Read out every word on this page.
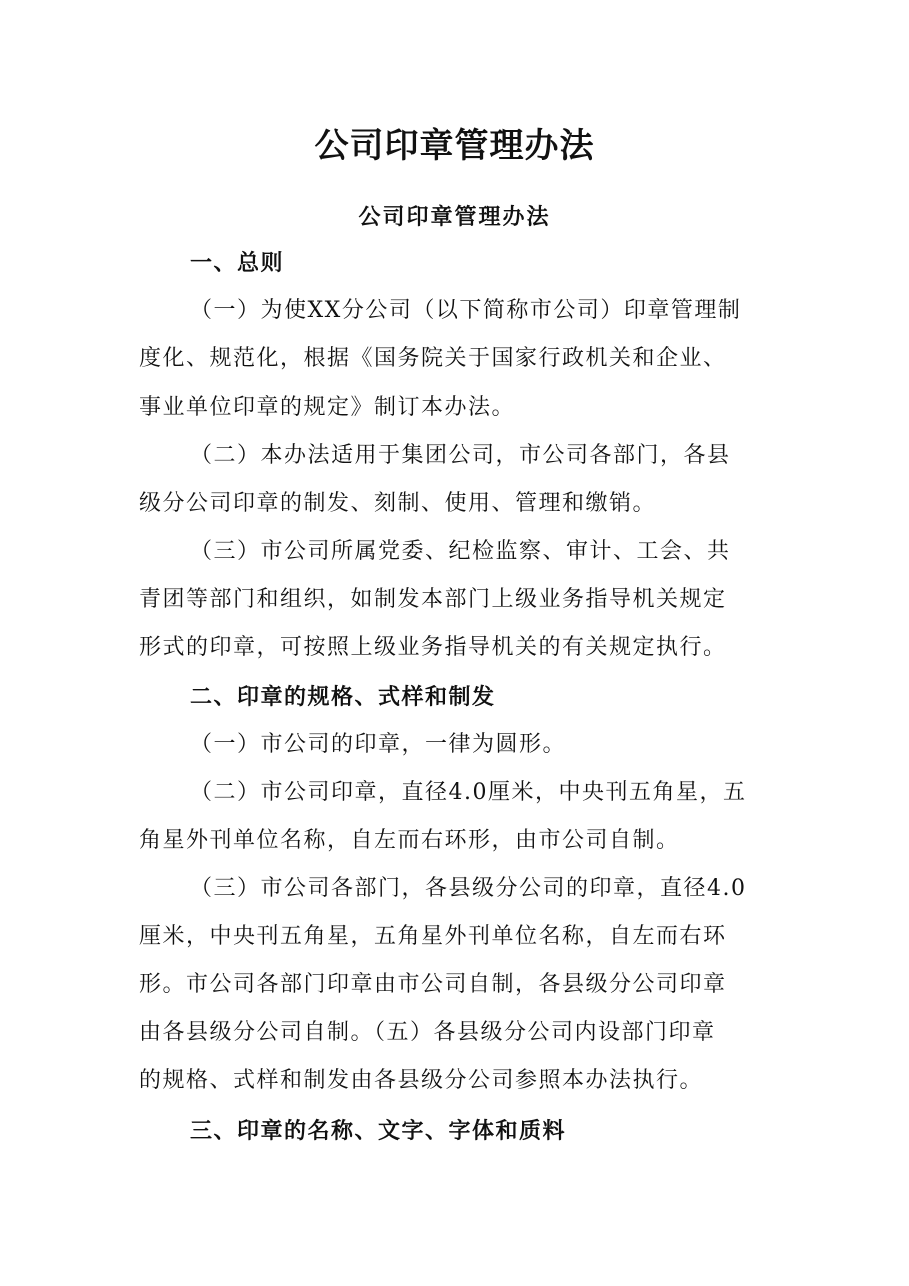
公司印章管理办法
公司印章管理办法
一、总则
（一）为使XX分公司（以下简称市公司）印章管理制
度化、规范化，根据《国务院关于国家行政机关和企业、
事业单位印章的规定》制订本办法。
（二）本办法适用于集团公司，市公司各部门，各县
级分公司印章的制发、刻制、使用、管理和缴销。
（三）市公司所属党委、纪检监察、审计、工会、共
青团等部门和组织，如制发本部门上级业务指导机关规定
形式的印章，可按照上级业务指导机关的有关规定执行。
二、印章的规格、式样和制发
（一）市公司的印章，一律为圆形。
（二）市公司印章，直径4.0厘米，中央刊五角星，五
角星外刊单位名称，自左而右环形，由市公司自制。
（三）市公司各部门，各县级分公司的印章，直径4.0
厘米，中央刊五角星，五角星外刊单位名称，自左而右环
形。市公司各部门印章由市公司自制，各县级分公司印章
由各县级分公司自制。（五）各县级分公司内设部门印章
的规格、式样和制发由各县级分公司参照本办法执行。
三、印章的名称、文字、字体和质料
